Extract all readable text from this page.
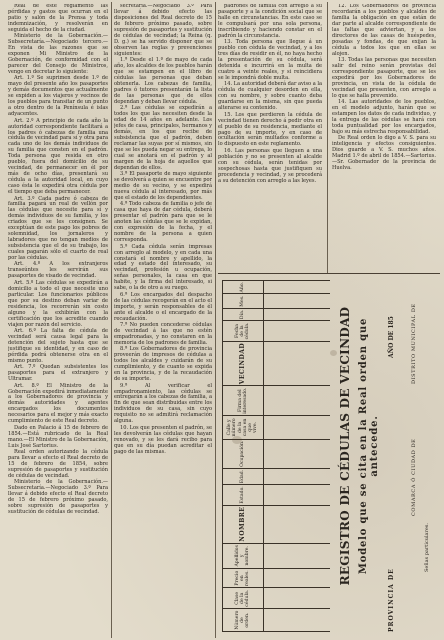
Real de este reglamento las pérdidas y gastos que ocurran en el patio y salón de la Prensa y toda indemnización, y resolverán en seguida el hecho de la ciudad.

Ministerio de la Gobernación.—Subsecretaría.—Negociado tercero.—En vista de las razones que se exponen Mi Ministro de la Gobernación, de conformidad con el parecer del Consejo de Ministros, vengo en decretar lo siguiente:

Art. 1.º Se suprimen desde 1.º de mayo del presente año los pasaportes y demás documentos que actualmente se expiden a los viajeros y vecinos de los pueblos para transitar de un punto a otro dentro de la Península é islas adyacentes.

Art. 2.º A principio de cada año la autoridad correspondiente facilitará a los padres ó cabezas de familia una cédula de vecindad para sí y otra para cada uno de los demás individuos de su familia que consten en el padrón. Toda persona que resida en otro pueblo, fuera del domicilio de su vecindad, de permanecer en él por más de ocho días, presentará su cédula a la autoridad local, en cuyo caso ésta le expedirá otra cédula por el tiempo que deba permanecer.

Art. 3.º Cada padre ó cabeza de familia pagará un real de vellón por las cédulas que necesite para sí y demás individuos de su familia, y los criados que se les consignen. Se exceptúan de este pago los pobres de solemnidad, los jornaleros y labradores que no tengan medios de subsistencia que el de su trabajo, los cuales pagarán sólo el cuarto de real por las cédulas.

Art. 4.º A los extranjeros transeúntes les servirán sus pasaportes de visado de vecindad.

Art. 5.º Las cédulas se expedirán a domicilio a todo el que necesite uno particular. Los funcionarios públicos que por su destino deban variar de residencia, los recorrerán sin costo alguno y la exhibirán con la certificación que los acredite cuando viajen por razón del servicio.

Art. 6.º La falta de cédula de vecindad será causa legal para la detención del sujeto hasta que se justifique su identidad, y en caso de pérdida podrá obtenerse otra en el mismo punto.

Art. 7.º Quedan subsistentes los pasaportes para el extranjero y Ultramar.

Art. 8.º El Ministro de la Gobernación expedirá inmediatamente a los Gobernadores de provincia y demás autoridades y agentes encargados los documentos necesarios para el mejor y más exacto cumplimiento de este Real decreto.

Dado en Palacio á 15 de febrero de 1854.—Está rubricado de la Real mano.—El Ministro de la Gobernación, Luis José Sartorius.

Real orden autorizando la cédula para llevar a efecto el Real decreto de 15 de febrero de 1854, sobre supresión de pasaportes y sustitución de cédulas de vecindad.

Ministerio de la Gobernación.—Subsecretaría.—Negociado 3.º Para llevar á debido efecto el Real decreto de 15 de febrero próximo pasado, sobre supresión de pasaportes y sustitución de cédulas de vecindad.

secretaría.—Negociado 3.º Para llevar á debido efecto las disposiciones del Real decreto de 15 de febrero próximo pasado, sobre supresión de pasaportes y sustitución de cédulas de vecindad; la Reina (q. D. g.) se ha servido disponer que se observen las reglas y prevenciones siguientes:

1.ª Desde el 1.º de mayo de cada año, los alcaldes de los pueblos harán que se estampen en el libro de cédulas las personas que deban obtenerla. Los cabezas de familia, padres ó tutores presentarán la lista de las personas que de ellos dependan y deban llevar cédula.

2.ª Las cédulas se expedirán a todos los que las necesiten desde la edad de 14 años en adelante. Los jefes de casa, principales, hermanos y demás, en los que recibe de subsistencia que el padrón, deben reclamar las suyas por sí mismos, sin que se les pueda negar su entrega, lo cual se anotará en el padrón y al margen de la hoja de aquellos que dependan de ellos.

3.ª El pasaporte de mayo siguiente se devolverá a quien se encuentre por medio de su vecino, y se expedirá nueva cédula al interesado, por más que el estado de los dependientes.

4.ª Todo cabeza de familia o jefe de casa que haya de dar cédula, deberá presentar el padrón para que se le anoten las cédulas que se le expidan, con expresión de la fecha, y el nombre de la persona a quien corresponda.

5.ª Cada cédula serán impresas con arreglo al modelo, y en cada una constará el nombre y apellido, la edad y estado del interesado, su vecindad, profesión u ocupación, señas personales, la casa en que habite, y la firma del interesado, si sabe, o la de otro a su ruego.

6.ª Los encargados del despacho de las cédulas recogerán en el acto el importe, y serán responsables de él ante el alcalde o el encargado de la recaudación.

7.ª No pueden concederse cédulas de vecindad á las que no estén empadronadas, y no constaren en la memoria de los padrones de familia.

8.ª Los Gobernadores de provincia proveerán de impresos de cédulas a todos los alcaldes y cuidarán de su cumplimiento, y de cuanto se expida en la provincia, y de la recaudación de su importe.

9.ª Al verificar el empadronamiento, las cédulas se entregarán a los cabezas de familia, a fin de que sean distribuidas entre los individuos de su casa, sin cuyo requisito no se admitirá reclamación alguna.

10. Los que presenten el padrón, se les devolverán las cédulas que hayan renovado, y se les dará recibo para que en su día puedan acreditar el pago de las mismas.

padrones de familia con arreglo á su pasaporte y a la condición social que se halle en circunstancias. En este caso se le compulsará por una sola persona, inscribiendo y haciendo constar en el padrón la circunstancia.

13. Toda persona que llegue á un pueblo con cédula de vecindad, y a los tres días de residir en él, no haya hecho la presentación de su cédula, será detenida e incurrirá en la multa de cuatro a veinte reales, y si reincidiera se le impondrá doble multa.

14. La autoridad deberá dar aviso a la cédula de cualquier desorden en ella, con su nombre, y sobre cuanto deba guardarse en la misma, sin que pueda alterarse su contenido.

15. Los que perdieren la cédula de vecindad tienen derecho á pedir otra en el pueblo de su residencia, mediante el pago de su importe, y en caso de ocultación serán multados conforme a lo dispuesto en este reglamento.

16. Las personas que lleguen a una población y no se presenten al alcalde con su cédula, serán tenidas por sospechosas hasta que justifiquen su procedencia y vecindad, y se procederá a su detención con arreglo a las leyes.

12. Los Gobernadores de provincia recordarán a los pueblos y alcaldes de familia la obligación en que están de dar parte al alcalde correspondiente de las faltas que adviertan, y a los directores de las casas de huéspedes, posadas y fondas, de que exijan la cédula a todos los que en ellas se alojen.

13. Todas las personas que necesiten salir del reino serán provistas del correspondiente pasaporte, que se les expedirá por los Gobernadores de provincia, en vista de la cédula de vecindad que presenten, con arreglo a lo que se halla prevenido.

14. Las autoridades de los pueblos, en el modelo adjunto, harán que se estampen los datos de cada individuo, y la entrega de las cédulas se hará con toda puntualidad por los encargados, bajo su más estrecha responsabilidad.

De Real orden lo digo a V. S. para su inteligencia y efectos consiguientes. Dios guarde a V. S. muchos años. Madrid 1.º de abril de 1854.—Sartorius.—Sr. Gobernador de la provincia de Huelva.

Número de orden.	Clase de la cédula.	Precio en reales.	Apellidos y nombre.	NOMBRE	Estado.	Edad.	Ocupación.	Calle y número de la casa en que vive.	Firma del interesado.	VECINDAD	Fecha de la cédula.	Día.	Mes.	Año.

REGISTRO DE CÉDULAS DE VECINDAD Modelo que se cita en la Real orden que antecede.
PROVINCIA DE
AÑO DE 185
COMARCA Ó CIUDAD DE
DISTRITO MUNICIPAL DE
Señas particulares.
